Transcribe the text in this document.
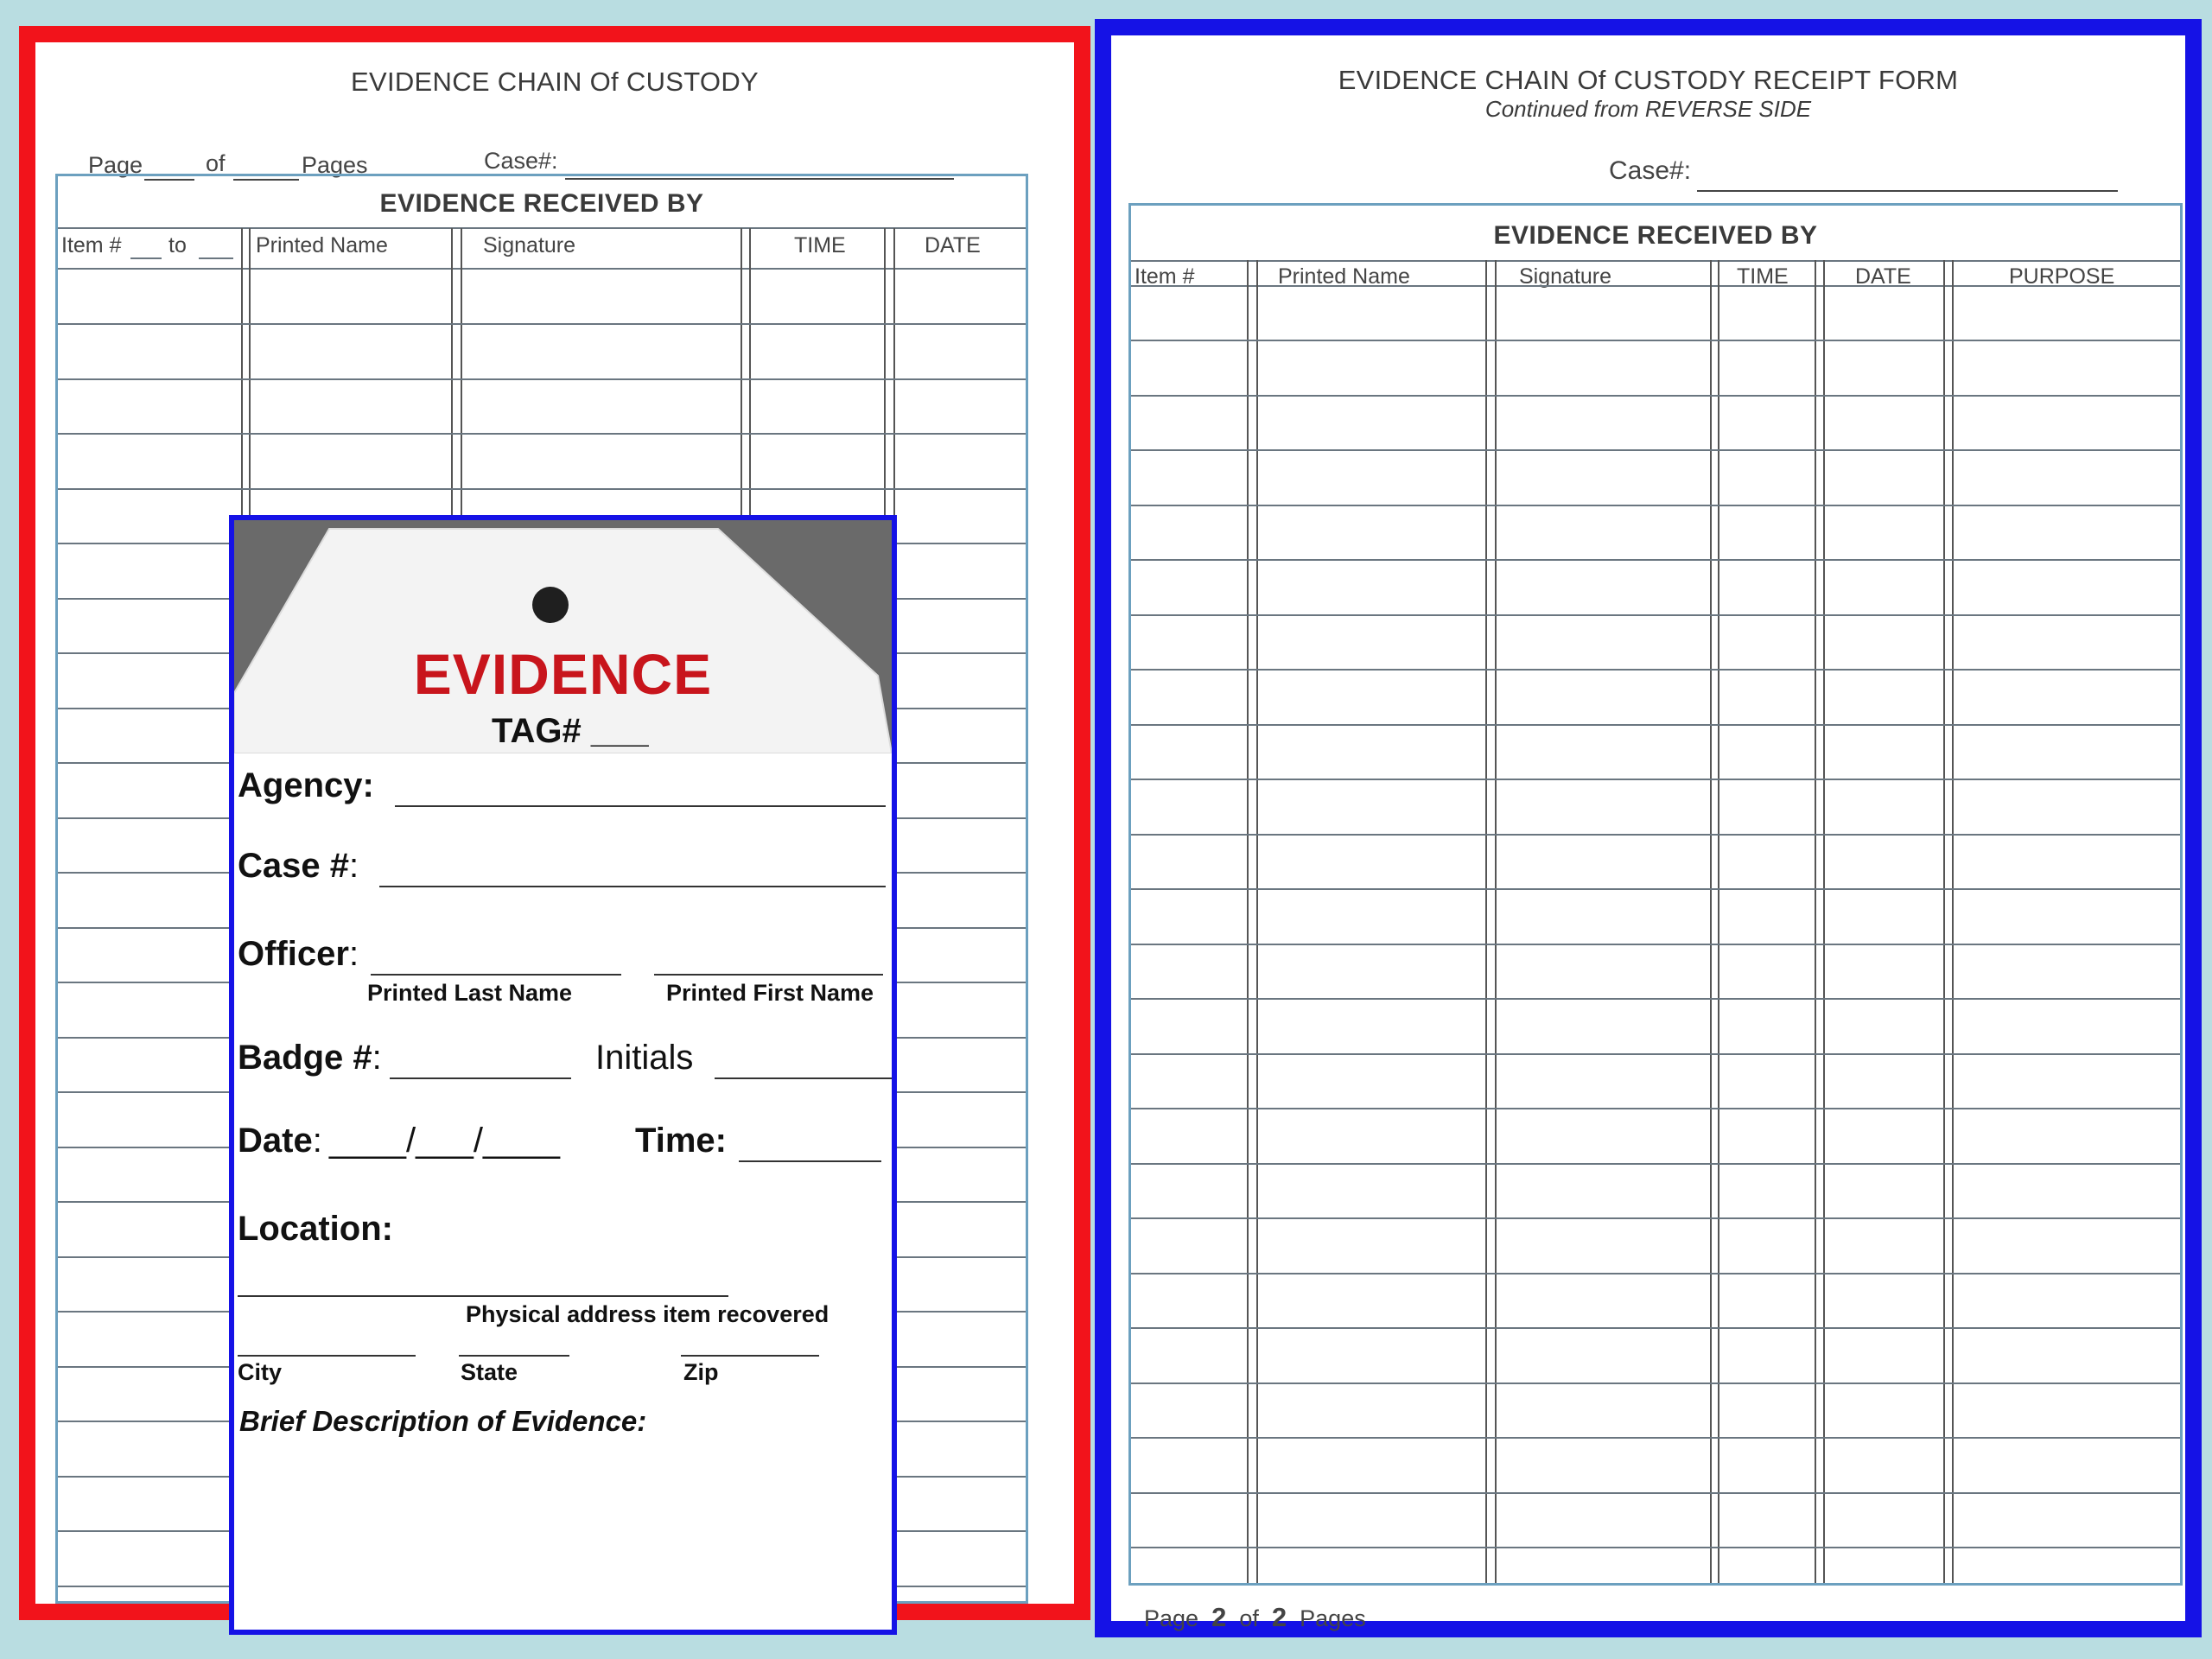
EVIDENCE CHAIN Of CUSTODY
Page	of	Pages	Case#:
EVIDENCE RECEIVED BY
Item # to	Printed Name	Signature	TIME	DATE
EVIDENCE
TAG# ___
Agency:
Case #:
Officer:
Printed Last Name	Printed First Name
Badge #:	Initials
Date: ____/___/____ Time:
Location:
Physical address item recovered
City	State	Zip
Brief Description of Evidence:
EVIDENCE CHAIN Of CUSTODY RECEIPT FORM
Continued from REVERSE SIDE
Case#:
EVIDENCE RECEIVED BY
Item #	Printed Name	Signature	TIME	DATE	PURPOSE
Page 2 of 2 Pages
